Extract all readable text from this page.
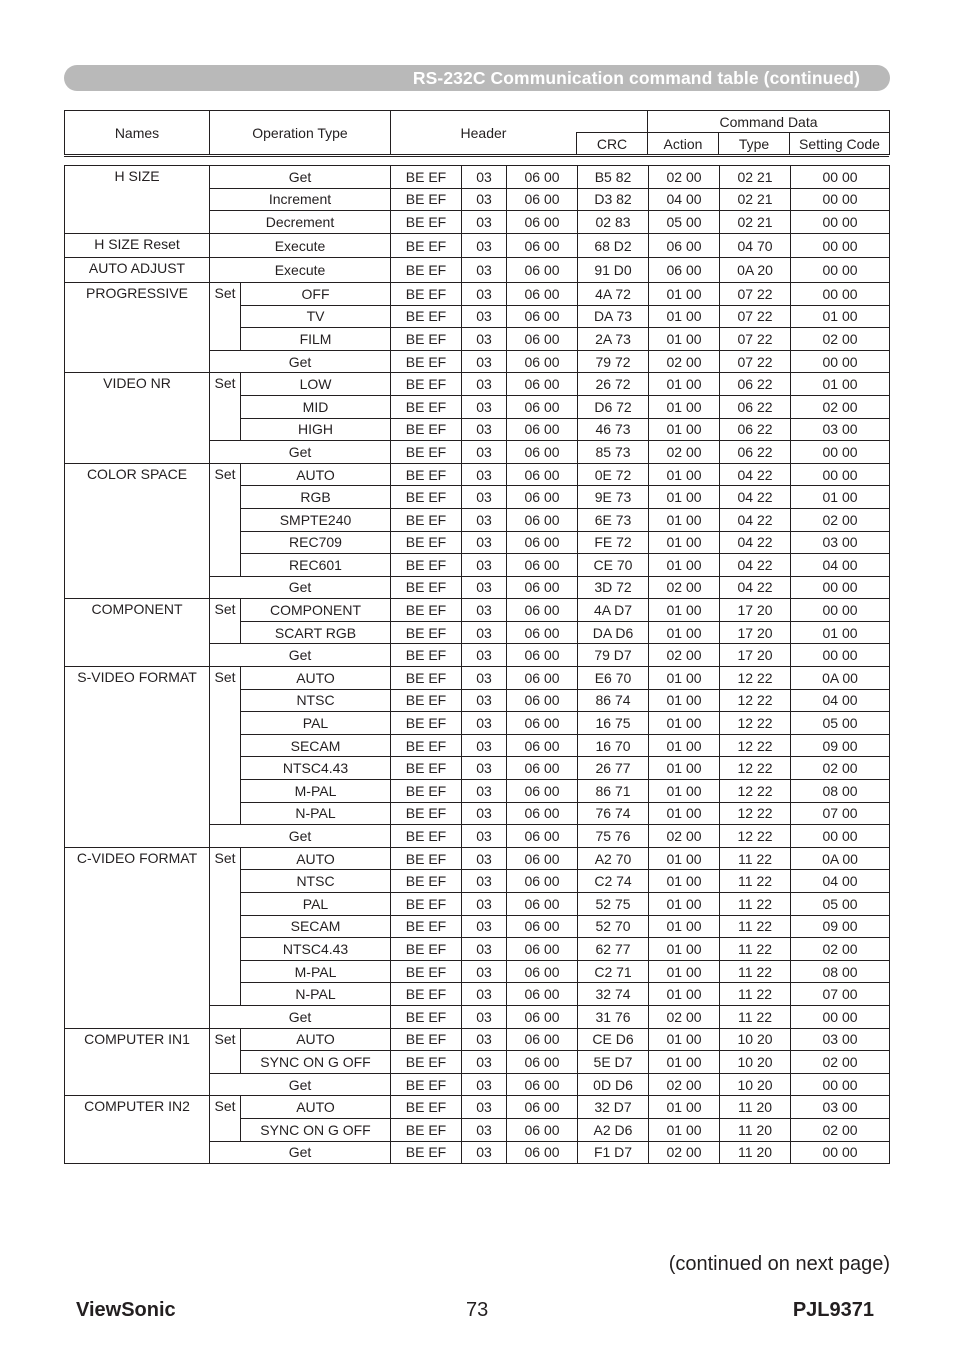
RS-232C Communication command table (continued)
Names	Operation Type	Header		Command Data		
			CRC	Action	Type	Setting Code
H SIZE	Get		BE EF	03	06 00	B5 82	02 00	02 21	00 00
	Increment		BE EF	03	06 00	D3 82	04 00	02 21	00 00
	Decrement		BE EF	03	06 00	02 83	05 00	02 21	00 00
H SIZE Reset	Execute		BE EF	03	06 00	68 D2	06 00	04 70	00 00
AUTO ADJUST	Execute		BE EF	03	06 00	91 D0	06 00	0A 20	00 00
PROGRESSIVE	Set	OFF	BE EF	03	06 00	4A 72	01 00	07 22	00 00
		TV	BE EF	03	06 00	DA 73	01 00	07 22	01 00
		FILM	BE EF	03	06 00	2A 73	01 00	07 22	02 00
	Get		BE EF	03	06 00	79 72	02 00	07 22	00 00
VIDEO NR	Set	LOW	BE EF	03	06 00	26 72	01 00	06 22	01 00
		MID	BE EF	03	06 00	D6 72	01 00	06 22	02 00
		HIGH	BE EF	03	06 00	46 73	01 00	06 22	03 00
	Get		BE EF	03	06 00	85 73	02 00	06 22	00 00
COLOR SPACE	Set	AUTO	BE EF	03	06 00	0E 72	01 00	04 22	00 00
		RGB	BE EF	03	06 00	9E 73	01 00	04 22	01 00
		SMPTE240	BE EF	03	06 00	6E 73	01 00	04 22	02 00
		REC709	BE EF	03	06 00	FE 72	01 00	04 22	03 00
		REC601	BE EF	03	06 00	CE 70	01 00	04 22	04 00
	Get		BE EF	03	06 00	3D 72	02 00	04 22	00 00
COMPONENT	Set	COMPONENT	BE EF	03	06 00	4A D7	01 00	17 20	00 00
		SCART RGB	BE EF	03	06 00	DA D6	01 00	17 20	01 00
	Get		BE EF	03	06 00	79 D7	02 00	17 20	00 00
S-VIDEO FORMAT	Set	AUTO	BE EF	03	06 00	E6 70	01 00	12 22	0A 00
		NTSC	BE EF	03	06 00	86 74	01 00	12 22	04 00
		PAL	BE EF	03	06 00	16 75	01 00	12 22	05 00
		SECAM	BE EF	03	06 00	16 70	01 00	12 22	09 00
		NTSC4.43	BE EF	03	06 00	26 77	01 00	12 22	02 00
		M-PAL	BE EF	03	06 00	86 71	01 00	12 22	08 00
		N-PAL	BE EF	03	06 00	76 74	01 00	12 22	07 00
	Get		BE EF	03	06 00	75 76	02 00	12 22	00 00
C-VIDEO FORMAT	Set	AUTO	BE EF	03	06 00	A2 70	01 00	11 22	0A 00
		NTSC	BE EF	03	06 00	C2 74	01 00	11 22	04 00
		PAL	BE EF	03	06 00	52 75	01 00	11 22	05 00
		SECAM	BE EF	03	06 00	52 70	01 00	11 22	09 00
		NTSC4.43	BE EF	03	06 00	62 77	01 00	11 22	02 00
		M-PAL	BE EF	03	06 00	C2 71	01 00	11 22	08 00
		N-PAL	BE EF	03	06 00	32 74	01 00	11 22	07 00
	Get		BE EF	03	06 00	31 76	02 00	11 22	00 00
COMPUTER IN1	Set	AUTO	BE EF	03	06 00	CE D6	01 00	10 20	03 00
		SYNC ON G OFF	BE EF	03	06 00	5E D7	01 00	10 20	02 00
	Get		BE EF	03	06 00	0D D6	02 00	10 20	00 00
COMPUTER IN2	Set	AUTO	BE EF	03	06 00	32 D7	01 00	11 20	03 00
		SYNC ON G OFF	BE EF	03	06 00	A2 D6	01 00	11 20	02 00
	Get		BE EF	03	06 00	F1 D7	02 00	11 20	00 00
(continued on next page)
ViewSonic	73	PJL9371
